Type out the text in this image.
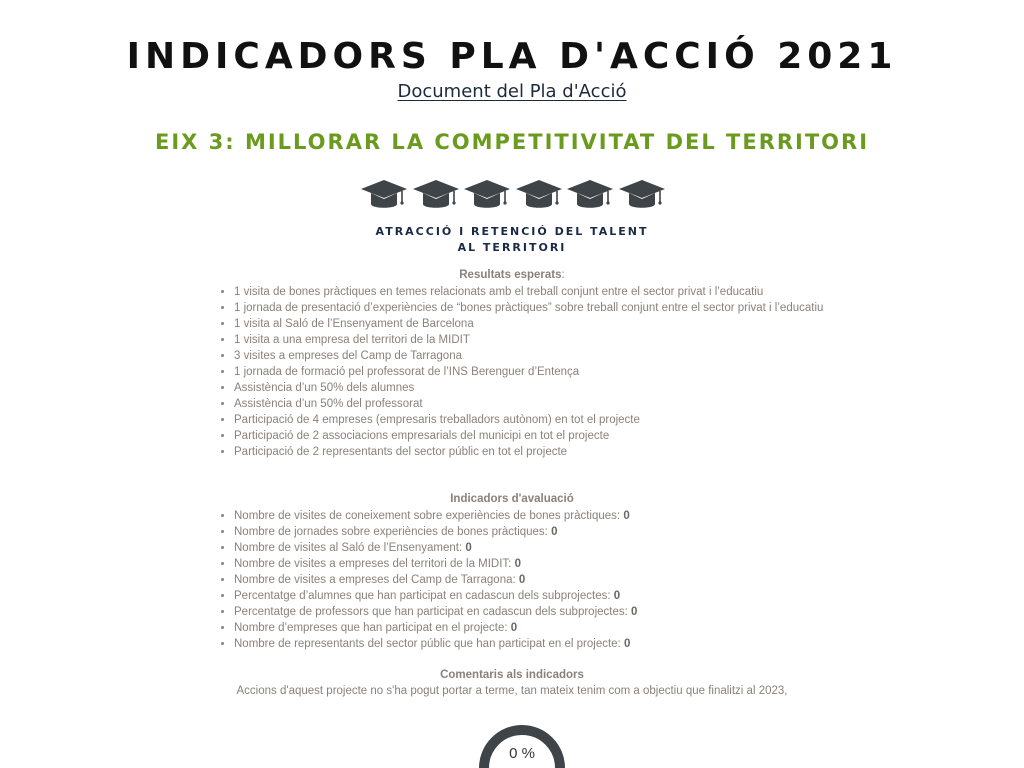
INDICADORS PLA D'ACCIÓ 2021
Document del Pla d'Acció
EIX 3: MILLORAR LA COMPETITIVITAT DEL TERRITORI
ATRACCIÓ I RETENCIÓ DEL TALENT
AL TERRITORI
Resultats esperats:
• 1 visita de bones pràctiques en temes relacionats amb el treball conjunt entre el sector privat i l’educatiu
• 1 jornada de presentació d’experiències de “bones pràctiques” sobre treball conjunt entre el sector privat i l’educatiu
• 1 visita al Saló de l’Ensenyament de Barcelona
• 1 visita a una empresa del territori de la MIDIT
• 3 visites a empreses del Camp de Tarragona
• 1 jornada de formació pel professorat de l’INS Berenguer d’Entença
• Assistència d’un 50% dels alumnes
• Assistència d’un 50% del professorat
• Participació de 4 empreses (empresaris treballadors autònom) en tot el projecte
• Participació de 2 associacions empresarials del municipi en tot el projecte
• Participació de 2 representants del sector públic en tot el projecte
Indicadors d'avaluació
• Nombre de visites de coneixement sobre experiències de bones pràctiques: 0
• Nombre de jornades sobre experiències de bones pràctiques: 0
• Nombre de visites al Saló de l’Ensenyament: 0
• Nombre de visites a empreses del territori de la MIDIT: 0
• Nombre de visites a empreses del Camp de Tarragona: 0
• Percentatge d’alumnes que han participat en cadascun dels subprojectes: 0
• Percentatge de professors que han participat en cadascun dels subprojectes: 0
• Nombre d’empreses que han participat en el projecte: 0
• Nombre de representants del sector públic que han participat en el projecte: 0
Comentaris als indicadors
Accions d'aquest projecte no s'ha pogut portar a terme, tan mateix tenim com a objectiu que finalitzi al 2023,
0 %
